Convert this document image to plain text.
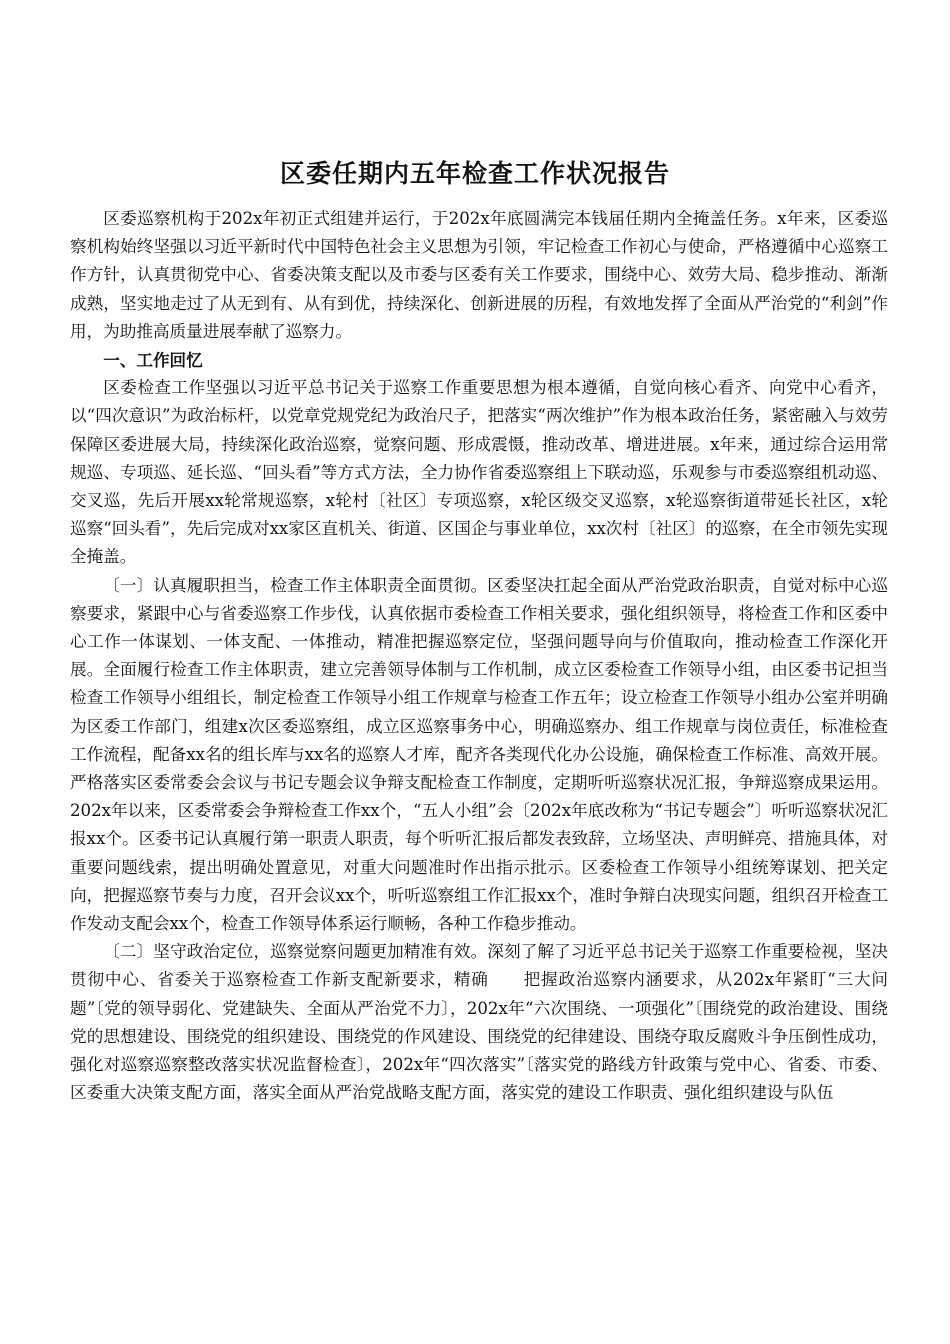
区委任期内五年检查工作状况报告

区委巡察机构于202x年初正式组建并运行，于202x年底圆满完本钱届任期内全掩盖任务。x年来，区委巡察机构始终坚强以习近平新时代中国特色社会主义思想为引领，牢记检查工作初心与使命，严格遵循中心巡察工作方针，认真贯彻党中心、省委决策支配以及市委与区委有关工作要求，围绕中心、效劳大局、稳步推动、渐渐成熟，坚实地走过了从无到有、从有到优，持续深化、创新进展的历程，有效地发挥了全面从严治党的“利剑”作用，为助推高质量进展奉献了巡察力。

一、工作回忆

区委检查工作坚强以习近平总书记关于巡察工作重要思想为根本遵循，自觉向核心看齐、向党中心看齐，以“四次意识”为政治标杆，以党章党规党纪为政治尺子，把落实“两次维护”作为根本政治任务，紧密融入与效劳保障区委进展大局，持续深化政治巡察，觉察问题、形成震慑，推动改革、增进进展。x年来，通过综合运用常规巡、专项巡、延长巡、“回头看”等方式方法，全力协作省委巡察组上下联动巡，乐观参与市委巡察组机动巡、交叉巡，先后开展xx轮常规巡察，x轮村〔社区〕专项巡察，x轮区级交叉巡察，x轮巡察街道带延长社区，x轮巡察“回头看”，先后完成对xx家区直机关、街道、区国企与事业单位，xx次村〔社区〕的巡察，在全市领先实现全掩盖。

〔一〕认真履职担当，检查工作主体职责全面贯彻。区委坚决扛起全面从严治党政治职责，自觉对标中心巡察要求，紧跟中心与省委巡察工作步伐，认真依据市委检查工作相关要求，强化组织领导，将检查工作和区委中心工作一体谋划、一体支配、一体推动，精准把握巡察定位，坚强问题导向与价值取向，推动检查工作深化开展。全面履行检查工作主体职责，建立完善领导体制与工作机制，成立区委检查工作领导小组，由区委书记担当检查工作领导小组组长，制定检查工作领导小组工作规章与检查工作五年；设立检查工作领导小组办公室并明确为区委工作部门，组建x次区委巡察组，成立区巡察事务中心，明确巡察办、组工作规章与岗位责任，标准检查工作流程，配备xx名的组长库与xx名的巡察人才库，配齐各类现代化办公设施，确保检查工作标准、高效开展。严格落实区委常委会会议与书记专题会议争辩支配检查工作制度，定期听听巡察状况汇报，争辩巡察成果运用。202x年以来，区委常委会争辩检查工作xx个，“五人小组”会〔202x年底改称为“书记专题会”〕听听巡察状况汇报xx个。区委书记认真履行第一职责人职责，每个听听汇报后都发表致辞，立场坚决、声明鲜亮、措施具体，对重要问题线索，提出明确处置意见，对重大问题准时作出指示批示。区委检查工作领导小组统筹谋划、把关定向，把握巡察节奏与力度，召开会议xx个，听听巡察组工作汇报xx个，准时争辩白决现实问题，组织召开检查工作发动支配会xx个，检查工作领导体系运行顺畅，各种工作稳步推动。

〔二〕坚守政治定位，巡察觉察问题更加精准有效。深刻了解了习近平总书记关于巡察工作重要检视，坚决贯彻中心、省委关于巡察检查工作新支配新要求，精确　　把握政治巡察内涵要求，从202x年紧盯“三大问题”〔党的领导弱化、党建缺失、全面从严治党不力〕，202x年“六次围绕、一项强化”〔围绕党的政治建设、围绕党的思想建设、围绕党的组织建设、围绕党的作风建设、围绕党的纪律建设、围绕夺取反腐败斗争压倒性成功，强化对巡察巡察整改落实状况监督检查〕，202x年“四次落实”〔落实党的路线方针政策与党中心、省委、市委、区委重大决策支配方面，落实全面从严治党战略支配方面，落实党的建设工作职责、强化组织建设与队伍
